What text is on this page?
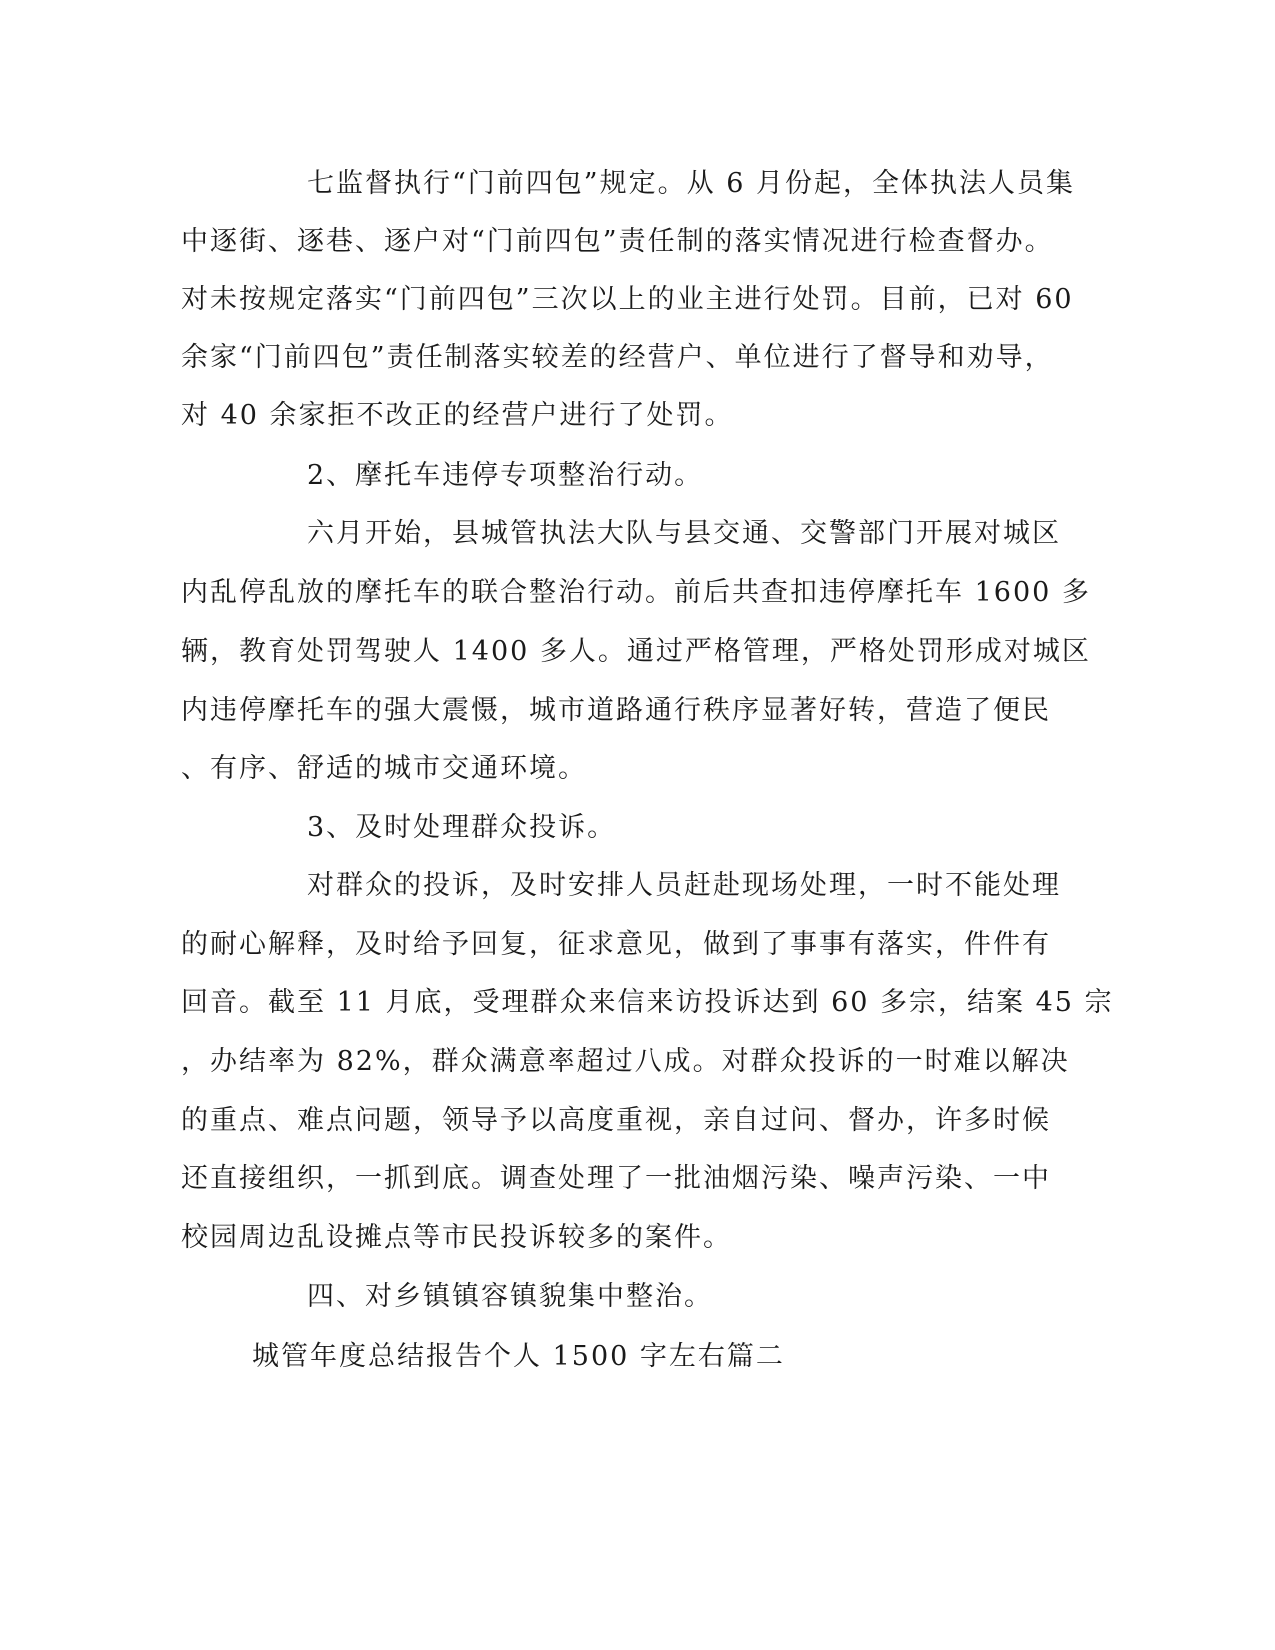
七监督执行“门前四包”规定。从 6 月份起，全体执法人员集
中逐街、逐巷、逐户对“门前四包”责任制的落实情况进行检查督办。
对未按规定落实“门前四包”三次以上的业主进行处罚。目前，已对 60
余家“门前四包”责任制落实较差的经营户、单位进行了督导和劝导，
对 40 余家拒不改正的经营户进行了处罚。
2、摩托车违停专项整治行动。
六月开始，县城管执法大队与县交通、交警部门开展对城区
内乱停乱放的摩托车的联合整治行动。前后共查扣违停摩托车 1600 多
辆，教育处罚驾驶人 1400 多人。通过严格管理，严格处罚形成对城区
内违停摩托车的强大震慑，城市道路通行秩序显著好转，营造了便民
、有序、舒适的城市交通环境。
3、及时处理群众投诉。
对群众的投诉，及时安排人员赶赴现场处理，一时不能处理
的耐心解释，及时给予回复，征求意见，做到了事事有落实，件件有
回音。截至 11 月底，受理群众来信来访投诉达到 60 多宗，结案 45 宗
，办结率为 82%，群众满意率超过八成。对群众投诉的一时难以解决
的重点、难点问题，领导予以高度重视，亲自过问、督办，许多时候
还直接组织，一抓到底。调查处理了一批油烟污染、噪声污染、一中
校园周边乱设摊点等市民投诉较多的案件。
四、对乡镇镇容镇貌集中整治。
城管年度总结报告个人 1500 字左右篇二
